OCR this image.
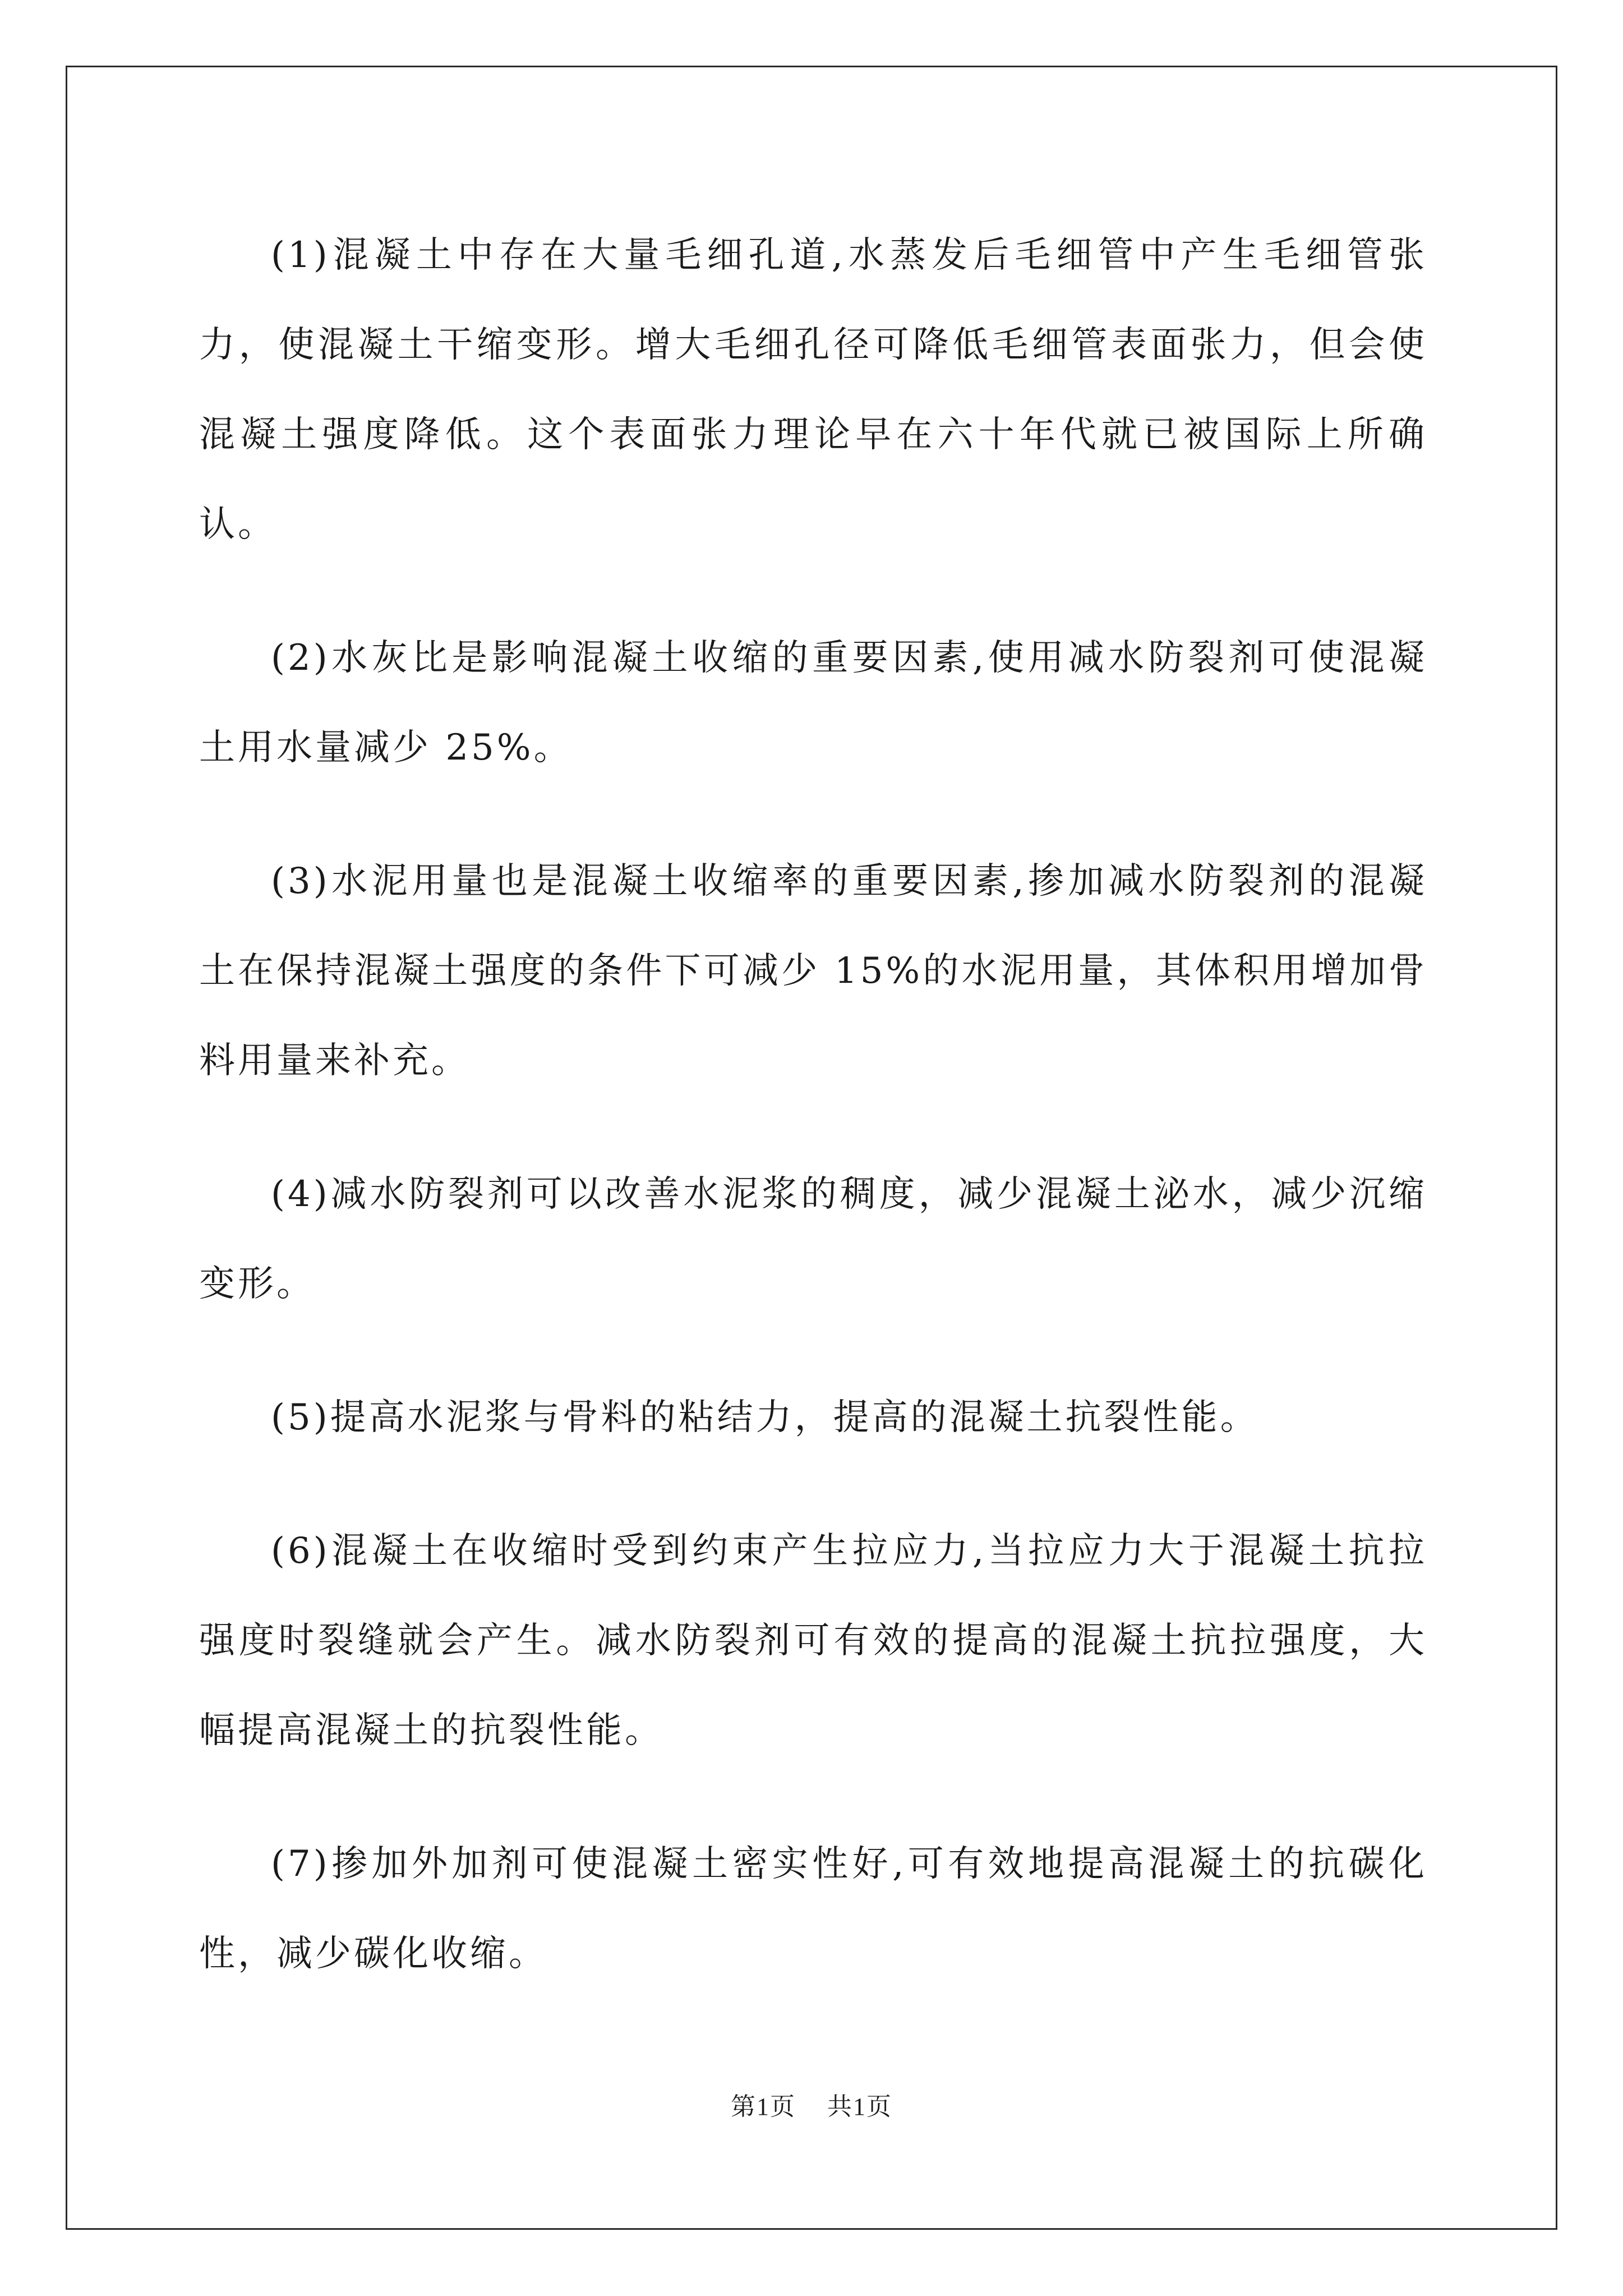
(1)混凝土中存在大量毛细孔道,水蒸发后毛细管中产生毛细管张力，使混凝土干缩变形。增大毛细孔径可降低毛细管表面张力，但会使混凝土强度降低。这个表面张力理论早在六十年代就已被国际上所确认。

(2)水灰比是影响混凝土收缩的重要因素,使用减水防裂剂可使混凝土用水量减少 25%。

(3)水泥用量也是混凝土收缩率的重要因素,掺加减水防裂剂的混凝土在保持混凝土强度的条件下可减少 15%的水泥用量，其体积用增加骨料用量来补充。

(4)减水防裂剂可以改善水泥浆的稠度，减少混凝土泌水，减少沉缩变形。

(5)提高水泥浆与骨料的粘结力，提高的混凝土抗裂性能。

(6)混凝土在收缩时受到约束产生拉应力,当拉应力大于混凝土抗拉强度时裂缝就会产生。减水防裂剂可有效的提高的混凝土抗拉强度，大幅提高混凝土的抗裂性能。

(7)掺加外加剂可使混凝土密实性好,可有效地提高混凝土的抗碳化性，减少碳化收缩。

第1页 共1页
